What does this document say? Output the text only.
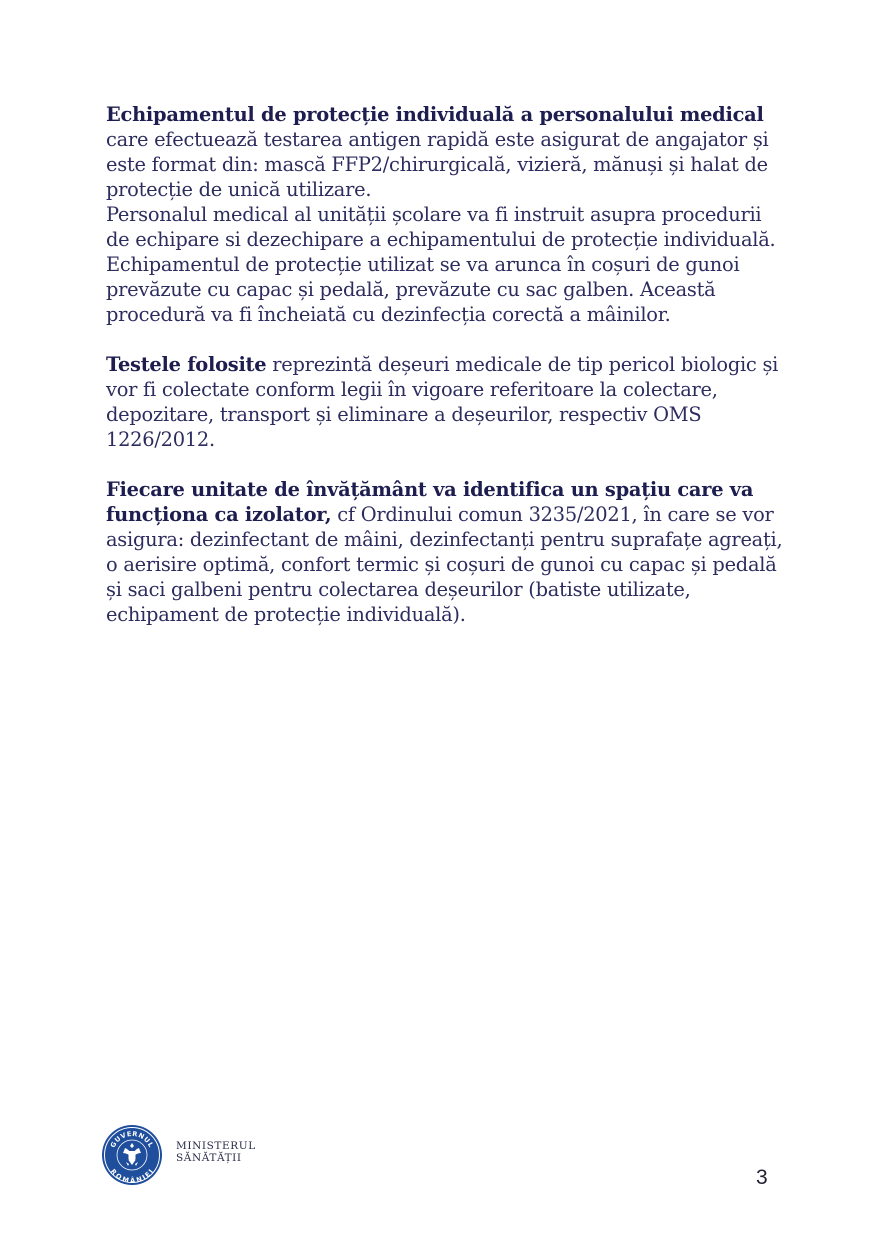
Echipamentul de protecție individuală a personalului medical care efectuează testarea antigen rapidă este asigurat de angajator și este format din: mască FFP2/chirurgicală, vizieră, mănuși și halat de protecție de unică utilizare.

Personalul medical al unității școlare va fi instruit asupra procedurii de echipare si dezechipare a echipamentului de protecție individuală. Echipamentul de protecție utilizat se va arunca în coșuri de gunoi prevăzute cu capac și pedală, prevăzute cu sac galben. Această procedură va fi încheiată cu dezinfecția corectă a mâinilor.

Testele folosite reprezintă deșeuri medicale de tip pericol biologic și vor fi colectate conform legii în vigoare referitoare la colectare, depozitare, transport și eliminare a deșeurilor, respectiv OMS 1226/2012.

Fiecare unitate de învățământ va identifica un spațiu care va funcționa ca izolator, cf Ordinului comun 3235/2021, în care se vor asigura: dezinfectant de mâini, dezinfectanți pentru suprafațe agreați, o aerisire optimă, confort termic și coșuri de gunoi cu capac și pedală și saci galbeni pentru colectarea deșeurilor (batiste utilizate, echipament de protecție individuală).

GUVERNUL
ROMÂNIEI
MINISTERUL
SĂNĂTĂȚII
3
